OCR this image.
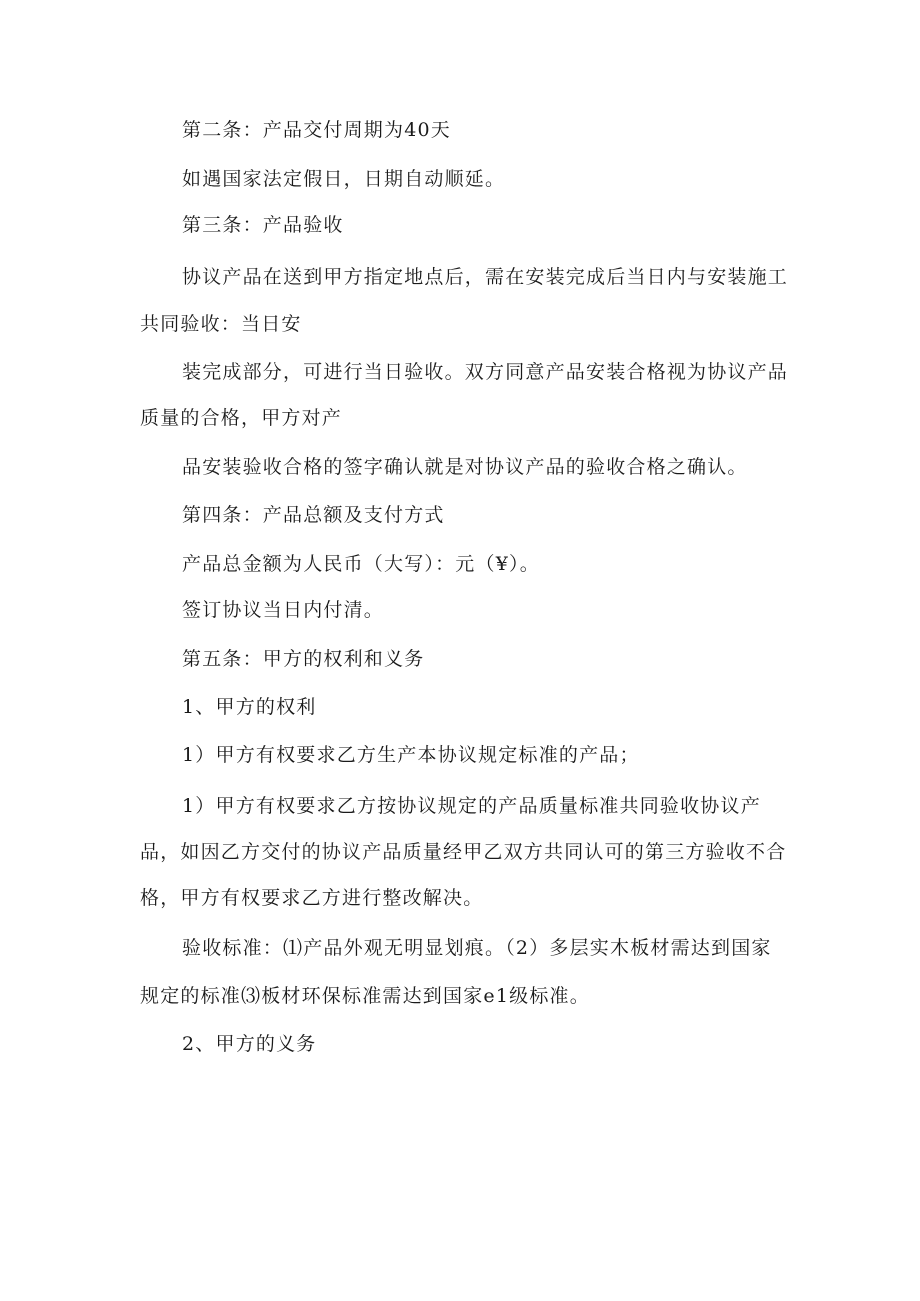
第二条：产品交付周期为40天
如遇国家法定假日，日期自动顺延。
第三条：产品验收
协议产品在送到甲方指定地点后，需在安装完成后当日内与安装施工
共同验收：当日安
装完成部分，可进行当日验收。双方同意产品安装合格视为协议产品
质量的合格，甲方对产
品安装验收合格的签字确认就是对协议产品的验收合格之确认。
第四条：产品总额及支付方式
产品总金额为人民币（大写）：元（¥）。
签订协议当日内付清。
第五条：甲方的权利和义务
1、甲方的权利
1）甲方有权要求乙方生产本协议规定标准的产品；
1）甲方有权要求乙方按协议规定的产品质量标准共同验收协议产
品，如因乙方交付的协议产品质量经甲乙双方共同认可的第三方验收不合
格，甲方有权要求乙方进行整改解决。
验收标准：⑴产品外观无明显划痕。（2）多层实木板材需达到国家
规定的标准⑶板材环保标准需达到国家e1级标准。
2、甲方的义务
